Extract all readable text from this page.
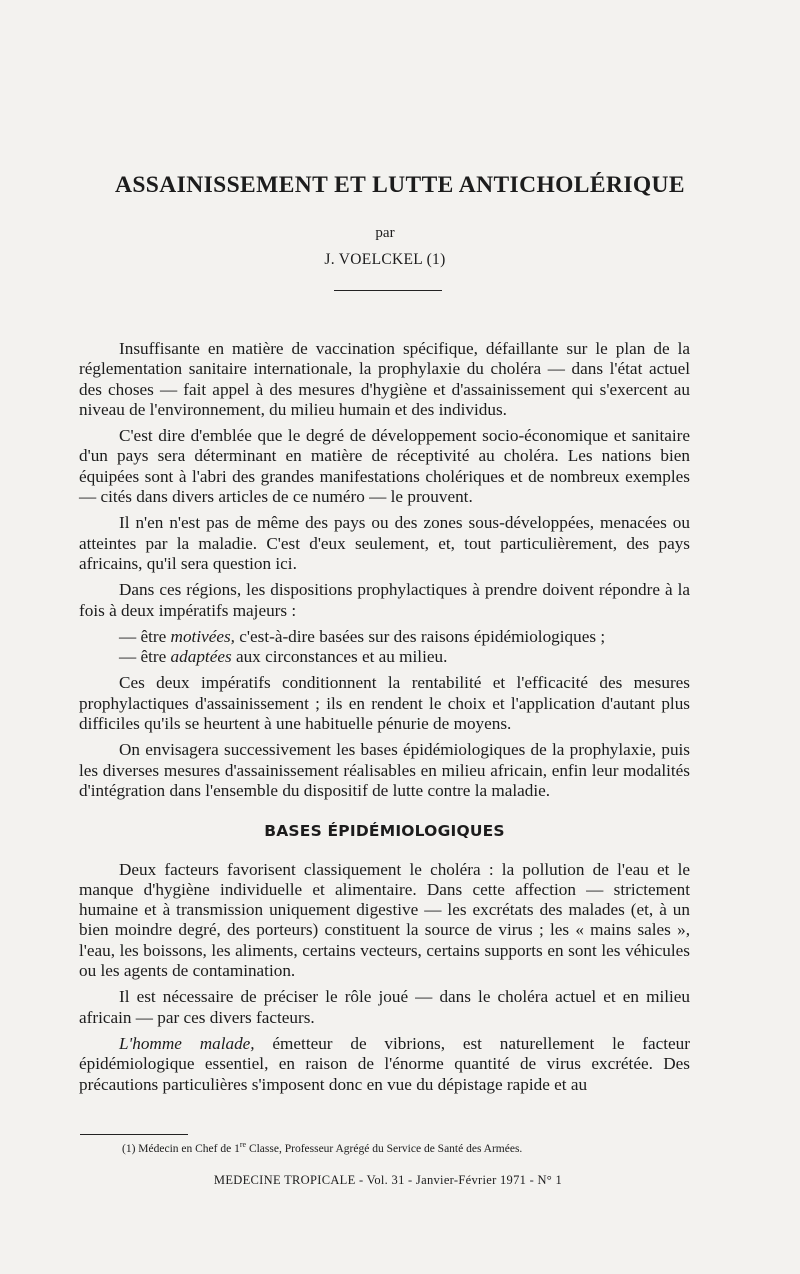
ASSAINISSEMENT ET LUTTE ANTICHOLÉRIQUE

par

J. VOELCKEL (1)

Insuffisante en matière de vaccination spécifique, défaillante sur le plan de la réglementation sanitaire internationale, la prophylaxie du choléra — dans l'état actuel des choses — fait appel à des mesures d'hygiène et d'assainissement qui s'exercent au niveau de l'environnement, du milieu humain et des individus.

C'est dire d'emblée que le degré de développement socio-économique et sanitaire d'un pays sera déterminant en matière de réceptivité au choléra. Les nations bien équipées sont à l'abri des grandes manifestations cholériques et de nombreux exemples — cités dans divers articles de ce numéro — le prouvent.

Il n'en n'est pas de même des pays ou des zones sous-développées, menacées ou atteintes par la maladie. C'est d'eux seulement, et, tout particulièrement, des pays africains, qu'il sera question ici.

Dans ces régions, les dispositions prophylactiques à prendre doivent répondre à la fois à deux impératifs majeurs :

— être motivées, c'est-à-dire basées sur des raisons épidémiologiques ;

— être adaptées aux circonstances et au milieu.

Ces deux impératifs conditionnent la rentabilité et l'efficacité des mesures prophylactiques d'assainissement ; ils en rendent le choix et l'application d'autant plus difficiles qu'ils se heurtent à une habituelle pénurie de moyens.

On envisagera successivement les bases épidémiologiques de la prophylaxie, puis les diverses mesures d'assainissement réalisables en milieu africain, enfin leur modalités d'intégration dans l'ensemble du dispositif de lutte contre la maladie.

BASES ÉPIDÉMIOLOGIQUES

Deux facteurs favorisent classiquement le choléra : la pollution de l'eau et le manque d'hygiène individuelle et alimentaire. Dans cette affection — strictement humaine et à transmission uniquement digestive — les excrétats des malades (et, à un bien moindre degré, des porteurs) constituent la source de virus ; les « mains sales », l'eau, les boissons, les aliments, certains vecteurs, certains supports en sont les véhicules ou les agents de contamination.

Il est nécessaire de préciser le rôle joué — dans le choléra actuel et en milieu africain — par ces divers facteurs.

L'homme malade, émetteur de vibrions, est naturellement le facteur épidémiologique essentiel, en raison de l'énorme quantité de virus excrétée. Des précautions particulières s'imposent donc en vue du dépistage rapide et au

(1) Médecin en Chef de 1re Classe, Professeur Agrégé du Service de Santé des Armées.

MEDECINE TROPICALE - Vol. 31 - Janvier-Février 1971 - N° 1
